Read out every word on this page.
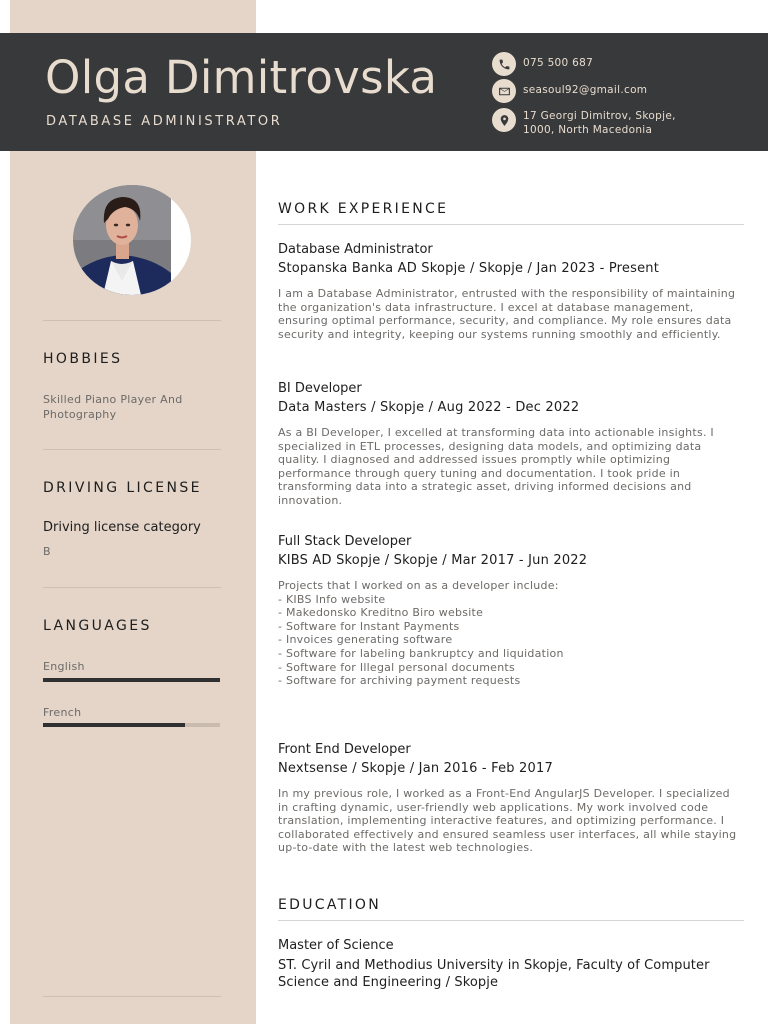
Olga Dimitrovska
DATABASE ADMINISTRATOR
075 500 687
seasoul92@gmail.com
17 Georgi Dimitrov, Skopje,
1000, North Macedonia
HOBBIES
Skilled Piano Player And Photography
DRIVING LICENSE
Driving license category
B
LANGUAGES
English
French
WORK EXPERIENCE
Database Administrator
Stopanska Banka AD Skopje / Skopje / Jan 2023 - Present
I am a Database Administrator, entrusted with the responsibility of maintaining the organization's data infrastructure. I excel at database management, ensuring optimal performance, security, and compliance. My role ensures data security and integrity, keeping our systems running smoothly and efficiently.
BI Developer
Data Masters / Skopje / Aug 2022 - Dec 2022
As a BI Developer, I excelled at transforming data into actionable insights. I specialized in ETL processes, designing data models, and optimizing data quality. I diagnosed and addressed issues promptly while optimizing performance through query tuning and documentation. I took pride in transforming data into a strategic asset, driving informed decisions and innovation.
Full Stack Developer
KIBS AD Skopje / Skopje / Mar 2017 - Jun 2022
Projects that I worked on as a developer include:
- KIBS Info website
- Makedonsko Kreditno Biro website
- Software for Instant Payments
- Invoices generating software
- Software for labeling bankruptcy and liquidation
- Software for Illegal personal documents
- Software for archiving payment requests
Front End Developer
Nextsense / Skopje / Jan 2016 - Feb 2017
In my previous role, I worked as a Front-End AngularJS Developer. I specialized in crafting dynamic, user-friendly web applications. My work involved code translation, implementing interactive features, and optimizing performance. I collaborated effectively and ensured seamless user interfaces, all while staying up-to-date with the latest web technologies.
EDUCATION
Master of Science
ST. Cyril and Methodius University in Skopje, Faculty of Computer Science and Engineering / Skopje
